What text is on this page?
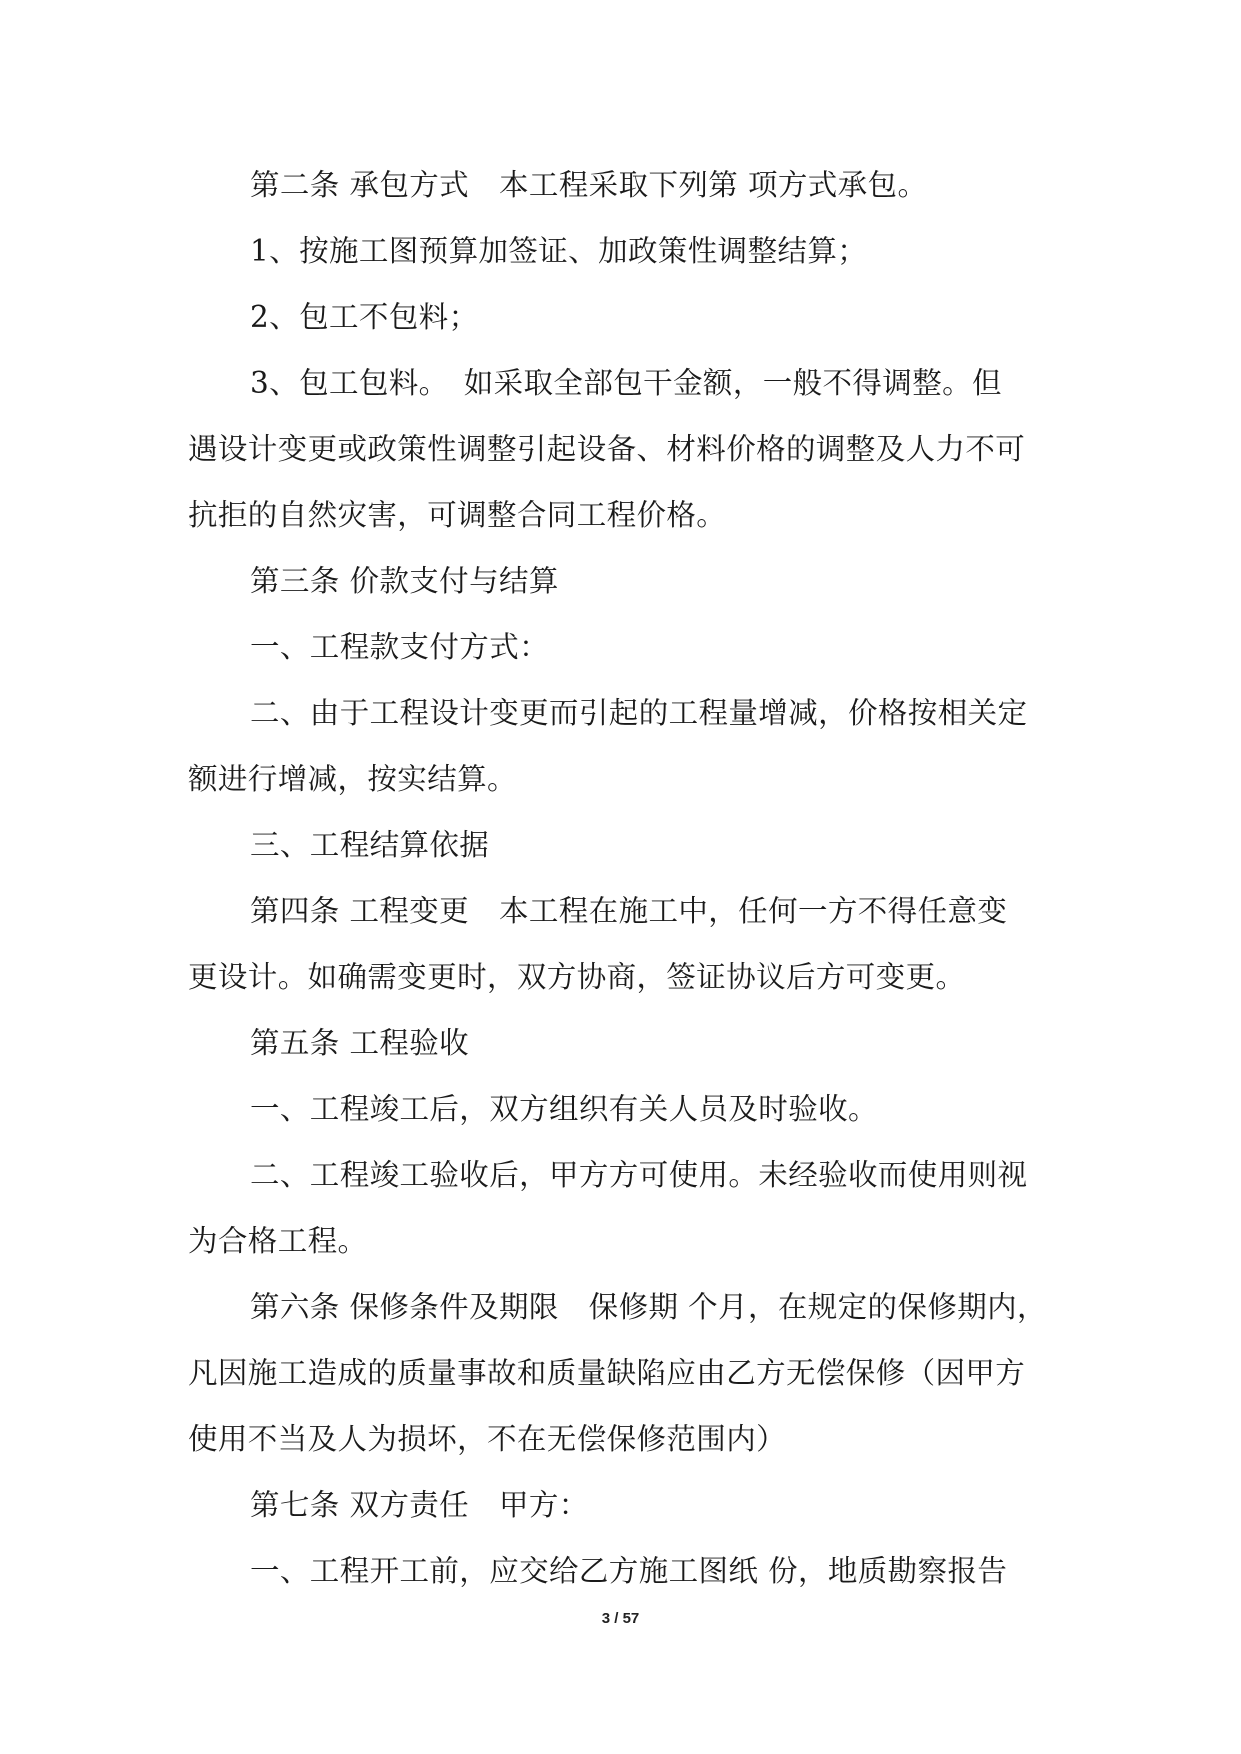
第二条 承包方式　本工程采取下列第 项方式承包。
1、按施工图预算加签证、加政策性调整结算；
2、包工不包料；
3、包工包料。　如采取全部包干金额，一般不得调整。但
遇设计变更或政策性调整引起设备、材料价格的调整及人力不可
抗拒的自然灾害，可调整合同工程价格。
第三条 价款支付与结算
一、工程款支付方式：
二、由于工程设计变更而引起的工程量增减，价格按相关定
额进行增减，按实结算。
三、工程结算依据
第四条 工程变更　本工程在施工中，任何一方不得任意变
更设计。如确需变更时，双方协商，签证协议后方可变更。
第五条 工程验收
一、工程竣工后，双方组织有关人员及时验收。
二、工程竣工验收后，甲方方可使用。未经验收而使用则视
为合格工程。
第六条 保修条件及期限　保修期 个月，在规定的保修期内，
凡因施工造成的质量事故和质量缺陷应由乙方无偿保修（因甲方
使用不当及人为损坏，不在无偿保修范围内）
第七条 双方责任　甲方：
一、工程开工前，应交给乙方施工图纸 份，地质勘察报告
3 / 57
